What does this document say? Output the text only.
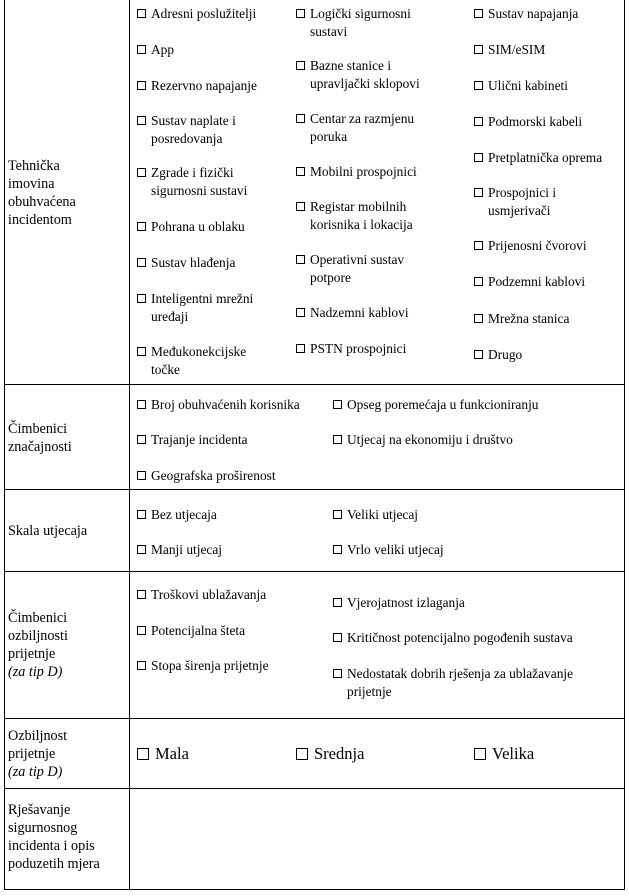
Tehnička
imovina
obuhvaćena
incidentom
Adresni poslužitelji
App
Rezervno napajanje
Sustav naplate i
posredovanja
Zgrade i fizički
sigurnosni sustavi
Pohrana u oblaku
Sustav hlađenja
Inteligentni mrežni
uređaji
Međukonekcijske
točke
Logički sigurnosni
sustavi
Bazne stanice i
upravljački sklopovi
Centar za razmjenu
poruka
Mobilni prospojnici
Registar mobilnih
korisnika i lokacija
Operativni sustav
potpore
Nadzemni kablovi
PSTN prospojnici
Sustav napajanja
SIM/eSIM
Ulični kabineti
Podmorski kabeli
Pretplatnička oprema
Prospojnici i
usmjerivači
Prijenosni čvorovi
Podzemni kablovi
Mrežna stanica
Drugo
Čimbenici
značajnosti
Broj obuhvaćenih korisnika
Trajanje incidenta
Geografska proširenost
Opseg poremećaja u funkcioniranju
Utjecaj na ekonomiju i društvo
Skala utjecaja
Bez utjecaja
Manji utjecaj
Veliki utjecaj
Vrlo veliki utjecaj
Čimbenici
ozbiljnosti
prijetnje
(za tip D)
Troškovi ublažavanja
Potencijalna šteta
Stopa širenja prijetnje
Vjerojatnost izlaganja
Kritičnost potencijalno pogođenih sustava
Nedostatak dobrih rješenja za ublažavanje
prijetnje
Ozbiljnost
prijetnje
(za tip D)
Mala	Srednja	Velika
Rješavanje
sigurnosnog
incidenta i opis
poduzetih mjera
